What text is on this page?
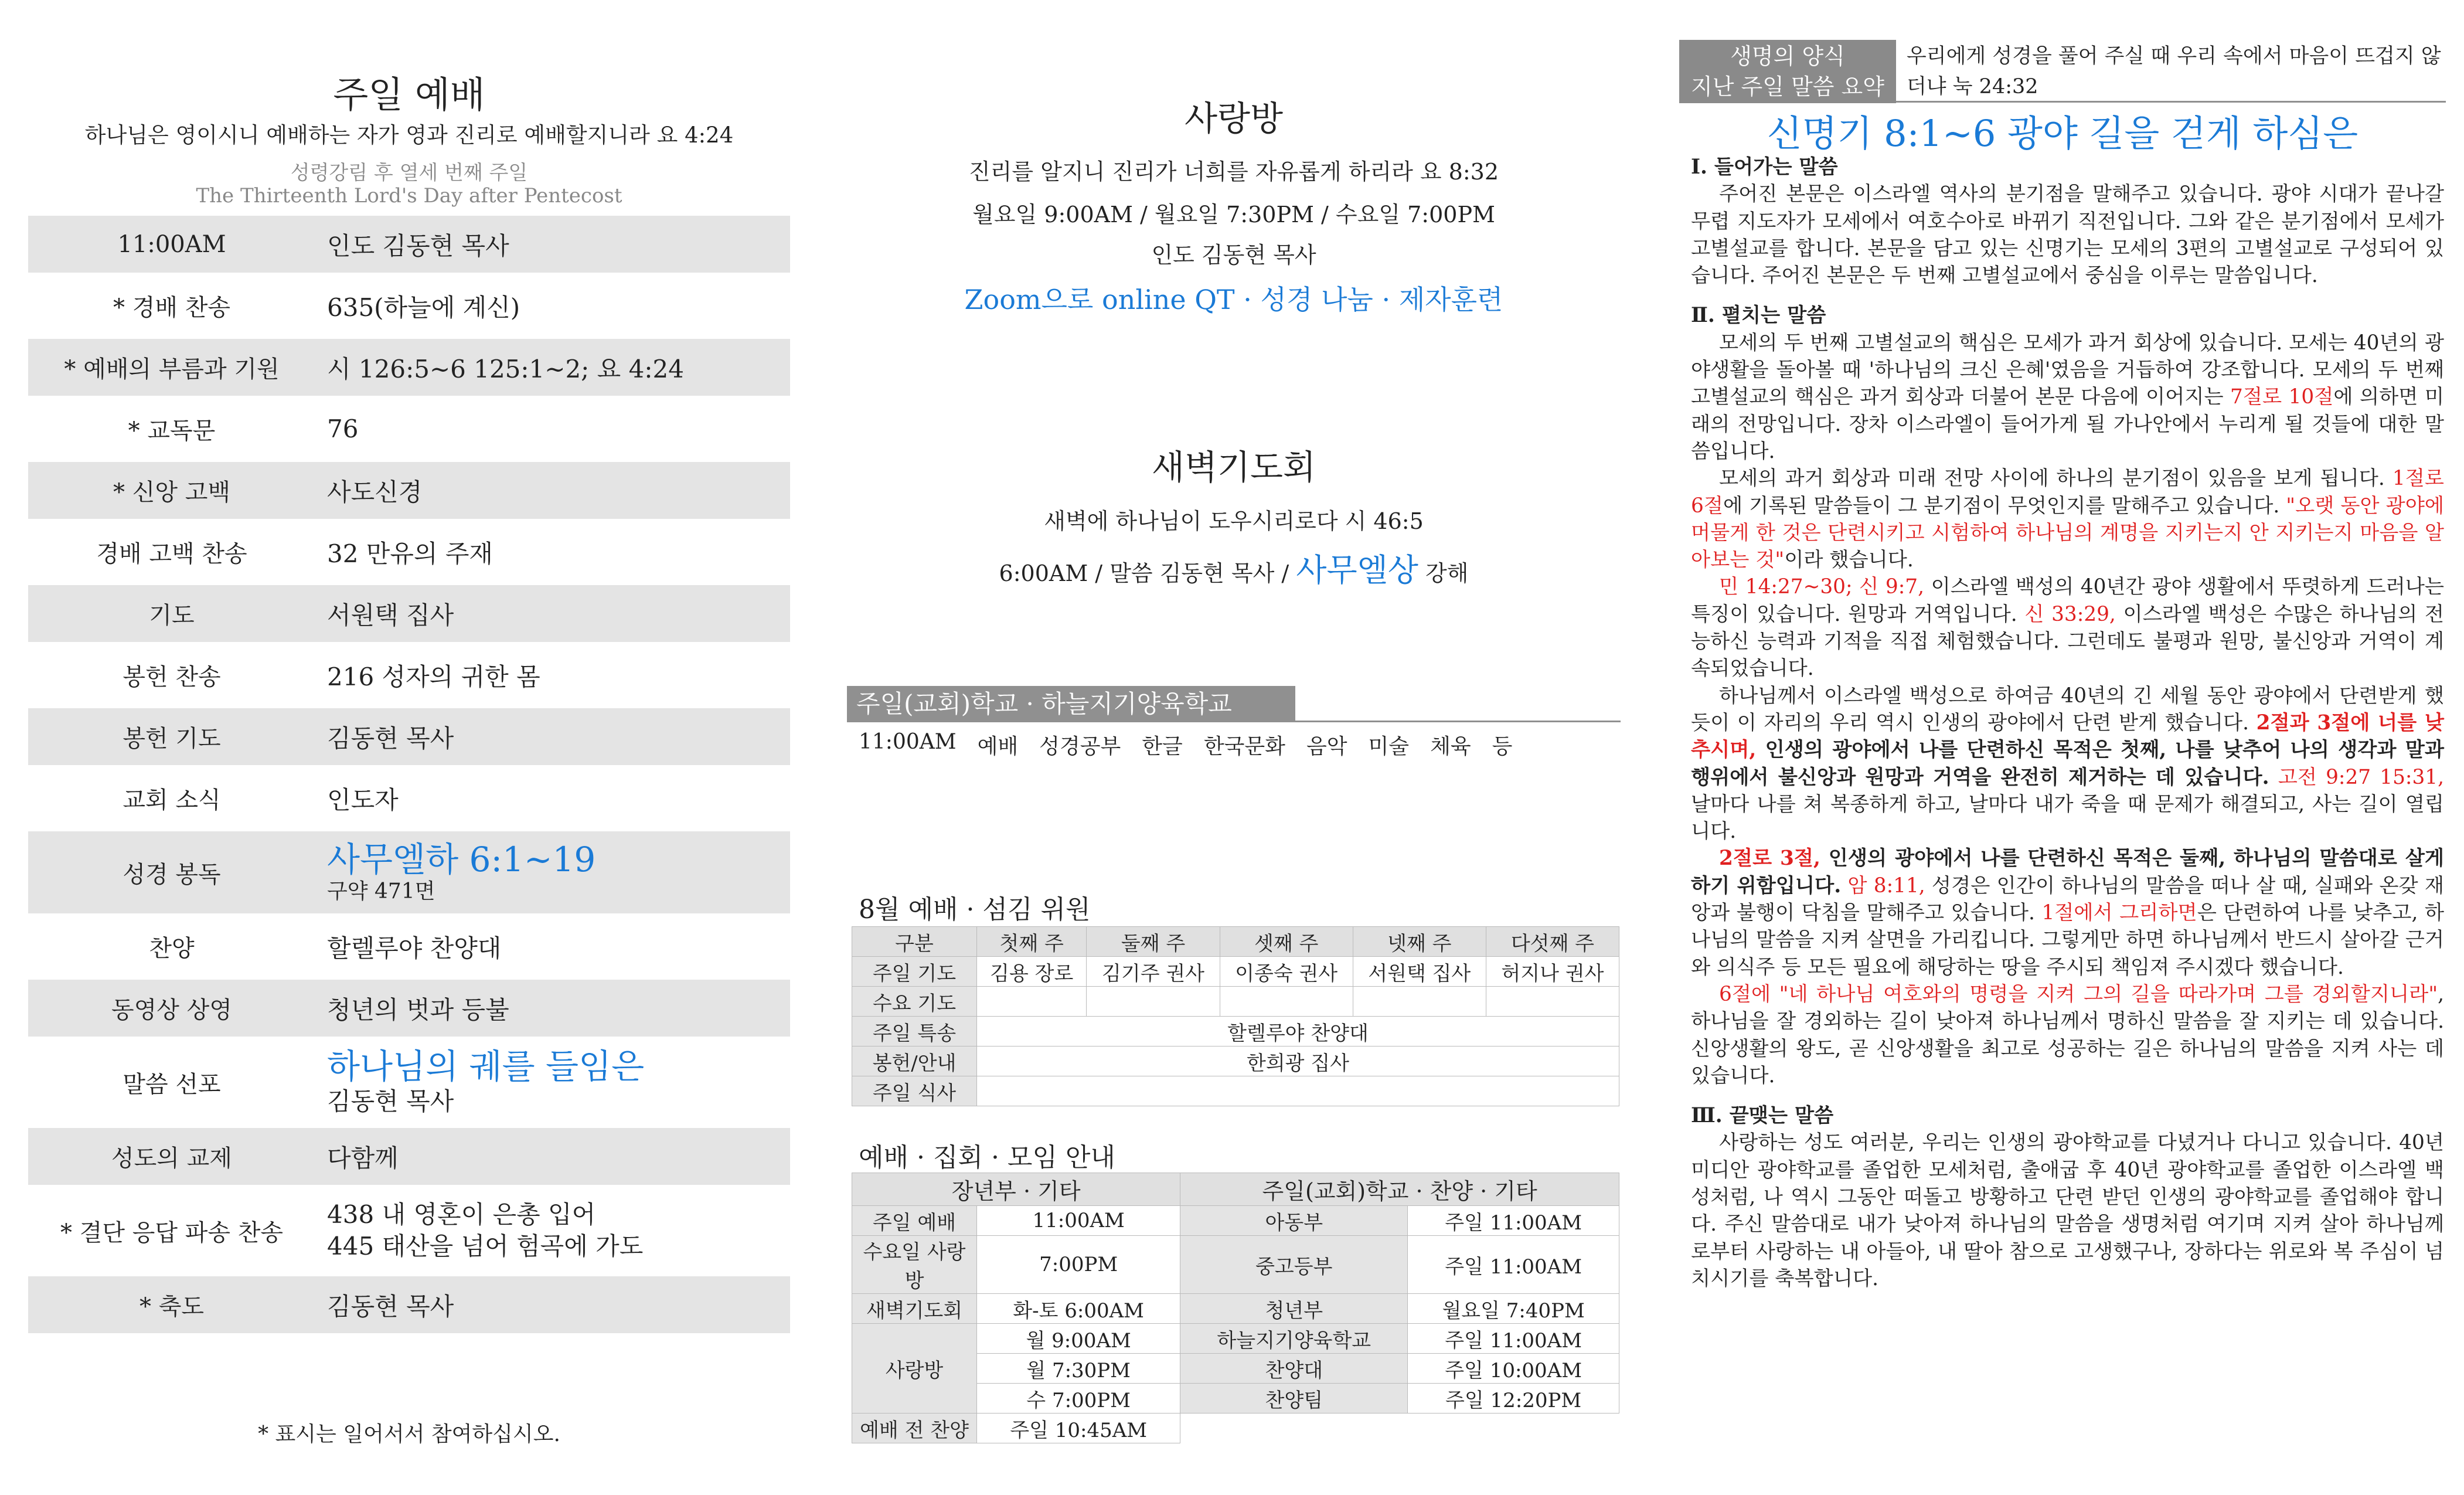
주일 예배
하나님은 영이시니 예배하는 자가 영과 진리로 예배할지니라 요 4:24
성령강림 후 열세 번째 주일
The Thirteenth Lord's Day after Pentecost
11:00AM	인도 김동현 목사
* 경배 찬송	635(하늘에 계신)
* 예배의 부름과 기원	시 126:5~6 125:1~2; 요 4:24
* 교독문	76
* 신앙 고백	사도신경
경배 고백 찬송	32 만유의 주재
기도	서원택 집사
봉헌 찬송	216 성자의 귀한 몸
봉헌 기도	김동현 목사
교회 소식	인도자
성경 봉독	사무엘하 6:1~19
구약 471면
찬양	할렐루야 찬양대
동영상 상영	청년의 벗과 등불
말씀 선포	하나님의 궤를 들임은
김동현 목사
성도의 교제	다함께
* 결단 응답 파송 찬송
438 내 영혼이 은총 입어
445 태산을 넘어 험곡에 가도
* 축도	김동현 목사
* 표시는 일어서서 참여하십시오.
사랑방
진리를 알지니 진리가 너희를 자유롭게 하리라 요 8:32
월요일 9:00AM / 월요일 7:30PM / 수요일 7:00PM
인도 김동현 목사
Zoom으로 online QT · 성경 나눔 · 제자훈련
새벽기도회
새벽에 하나님이 도우시리로다 시 46:5
6:00AM / 말씀 김동현 목사 / 사무엘상 강해
주일(교회)학교 · 하늘지기양육학교
11:00AM 예배 성경공부 한글 한국문화 음악 미술 체육 등
8월 예배 · 섬김 위원
구분	첫째 주	둘째 주	셋째 주	넷째 주	다섯째 주
주일 기도	김용 장로	김기주 권사	이종숙 권사	서원택 집사	허지나 권사
수요 기도					
주일 특송	할렐루야 찬양대				
봉헌/안내	한희광 집사				
주일 식사					
예배 · 집회 · 모임 안내
장년부 · 기타		주일(교회)학교 · 찬양 · 기타	
주일 예배	11:00AM	아동부	주일 11:00AM
수요일 사랑방	7:00PM	중고등부	주일 11:00AM
새벽기도회	화-토 6:00AM	청년부	월요일 7:40PM
사랑방	월 9:00AM	하늘지기양육학교	주일 11:00AM
	월 7:30PM	찬양대	주일 10:00AM
	수 7:00PM	찬양팀	주일 12:20PM
예배 전 찬양	주일 10:45AM		
생명의 양식
지난 주일 말씀 요약
우리에게 성경을 풀어 주실 때 우리 속에서 마음이 뜨겁지 않더냐 눅 24:32
신명기 8:1~6 광야 길을 걷게 하심은

Ⅰ. 들어가는 말씀

주어진 본문은 이스라엘 역사의 분기점을 말해주고 있습니다. 광야 시대가 끝나갈 무렵 지도자가 모세에서 여호수아로 바뀌기 직전입니다. 그와 같은 분기점에서 모세가 고별설교를 합니다. 본문을 담고 있는 신명기는 모세의 3편의 고별설교로 구성되어 있습니다. 주어진 본문은 두 번째 고별설교에서 중심을 이루는 말씀입니다.

Ⅱ. 펼치는 말씀

모세의 두 번째 고별설교의 핵심은 모세가 과거 회상에 있습니다. 모세는 40년의 광야생활을 돌아볼 때 '하나님의 크신 은혜'였음을 거듭하여 강조합니다. 모세의 두 번째 고별설교의 핵심은 과거 회상과 더불어 본문 다음에 이어지는 7절로 10절에 의하면 미래의 전망입니다. 장차 이스라엘이 들어가게 될 가나안에서 누리게 될 것들에 대한 말씀입니다.

모세의 과거 회상과 미래 전망 사이에 하나의 분기점이 있음을 보게 됩니다. 1절로 6절에 기록된 말씀들이 그 분기점이 무엇인지를 말해주고 있습니다. "오랫 동안 광야에 머물게 한 것은 단련시키고 시험하여 하나님의 계명을 지키는지 안 지키는지 마음을 알아보는 것"이라 했습니다.

민 14:27~30; 신 9:7, 이스라엘 백성의 40년간 광야 생활에서 뚜렷하게 드러나는 특징이 있습니다. 원망과 거역입니다. 신 33:29, 이스라엘 백성은 수많은 하나님의 전능하신 능력과 기적을 직접 체험했습니다. 그런데도 불평과 원망, 불신앙과 거역이 계속되었습니다.

하나님께서 이스라엘 백성으로 하여금 40년의 긴 세월 동안 광야에서 단련받게 했듯이 이 자리의 우리 역시 인생의 광야에서 단련 받게 했습니다. 2절과 3절에 너를 낮추시며, 인생의 광야에서 나를 단련하신 목적은 첫째, 나를 낮추어 나의 생각과 말과 행위에서 불신앙과 원망과 거역을 완전히 제거하는 데 있습니다. 고전 9:27 15:31, 날마다 나를 쳐 복종하게 하고, 날마다 내가 죽을 때 문제가 해결되고, 사는 길이 열립니다.

2절로 3절, 인생의 광야에서 나를 단련하신 목적은 둘째, 하나님의 말씀대로 살게 하기 위함입니다. 암 8:11, 성경은 인간이 하나님의 말씀을 떠나 살 때, 실패와 온갖 재앙과 불행이 닥침을 말해주고 있습니다. 1절에서 그리하면은 단련하여 나를 낮추고, 하나님의 말씀을 지켜 살면을 가리킵니다. 그렇게만 하면 하나님께서 반드시 살아갈 근거와 의식주 등 모든 필요에 해당하는 땅을 주시되 책임져 주시겠다 했습니다.

6절에 "네 하나님 여호와의 명령을 지켜 그의 길을 따라가며 그를 경외할지니라", 하나님을 잘 경외하는 길이 낮아져 하나님께서 명하신 말씀을 잘 지키는 데 있습니다. 신앙생활의 왕도, 곧 신앙생활을 최고로 성공하는 길은 하나님의 말씀을 지켜 사는 데 있습니다.

Ⅲ. 끝맺는 말씀

사랑하는 성도 여러분, 우리는 인생의 광야학교를 다녔거나 다니고 있습니다. 40년 미디안 광야학교를 졸업한 모세처럼, 출애굽 후 40년 광야학교를 졸업한 이스라엘 백성처럼, 나 역시 그동안 떠돌고 방황하고 단련 받던 인생의 광야학교를 졸업해야 합니다. 주신 말씀대로 내가 낮아져 하나님의 말씀을 생명처럼 여기며 지켜 살아 하나님께로부터 사랑하는 내 아들아, 내 딸아 참으로 고생했구나, 장하다는 위로와 복 주심이 넘치시기를 축복합니다.
